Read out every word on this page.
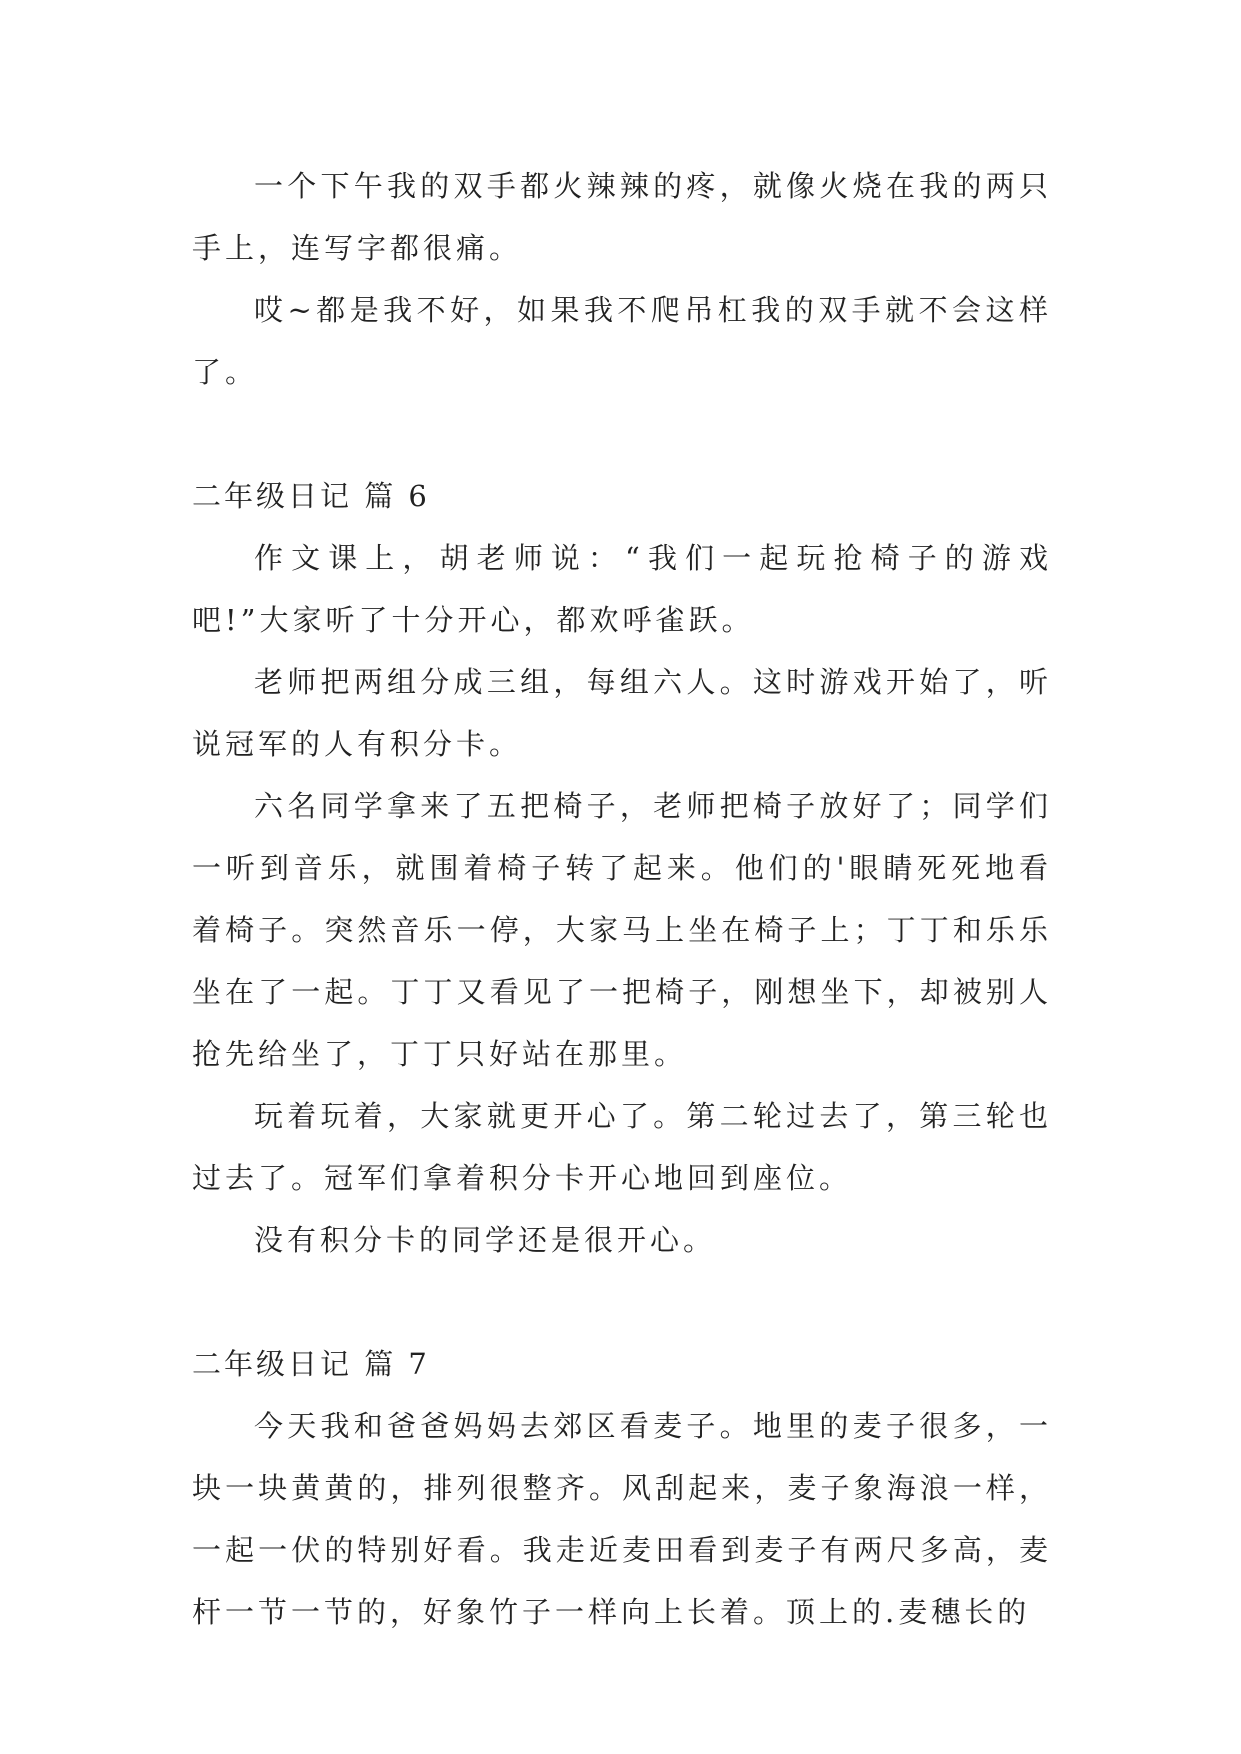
一个下午我的双手都火辣辣的疼，就像火烧在我的两只手上，连写字都很痛。

哎~都是我不好，如果我不爬吊杠我的双手就不会这样了。

二年级日记 篇 6

作文课上，胡老师说：“我们一起玩抢椅子的游戏吧!”大家听了十分开心，都欢呼雀跃。

老师把两组分成三组，每组六人。这时游戏开始了，听说冠军的人有积分卡。

六名同学拿来了五把椅子，老师把椅子放好了；同学们一听到音乐，就围着椅子转了起来。他们的'眼睛死死地看着椅子。突然音乐一停，大家马上坐在椅子上；丁丁和乐乐坐在了一起。丁丁又看见了一把椅子，刚想坐下，却被别人抢先给坐了，丁丁只好站在那里。

玩着玩着，大家就更开心了。第二轮过去了，第三轮也过去了。冠军们拿着积分卡开心地回到座位。

没有积分卡的同学还是很开心。

二年级日记 篇 7

今天我和爸爸妈妈去郊区看麦子。地里的麦子很多，一块一块黄黄的，排列很整齐。风刮起来，麦子象海浪一样，一起一伏的特别好看。我走近麦田看到麦子有两尺多高，麦杆一节一节的，好象竹子一样向上长着。顶上的.麦穗长的
